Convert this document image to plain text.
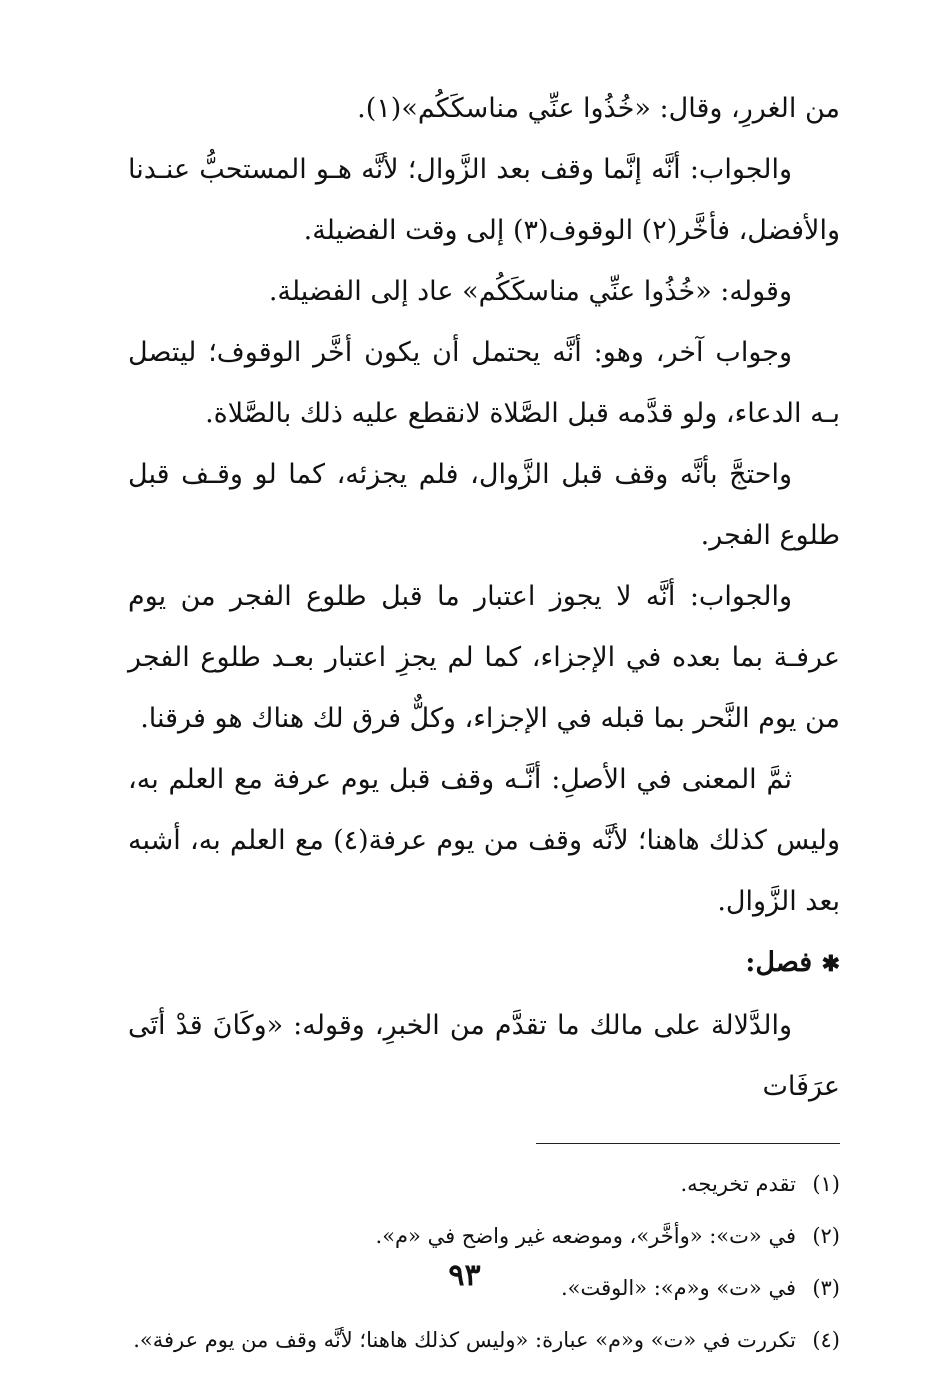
من الغررِ، وقال: «خُذُوا عنِّي مناسكَكُم»(١).

والجواب: أنَّه إنَّما وقف بعد الزَّوال؛ لأنَّه هـو المستحبُّ عنـدنا والأفضل، فأخَّر(٢) الوقوف(٣) إلى وقت الفضيلة.

وقوله: «خُذُوا عنِّي مناسكَكُم» عاد إلى الفضيلة.

وجواب آخر، وهو: أنَّه يحتمل أن يكون أخَّر الوقوف؛ ليتصل بـه الدعاء، ولو قدَّمه قبل الصَّلاة لانقطع عليه ذلك بالصَّلاة.

واحتجَّ بأنَّه وقف قبل الزَّوال، فلم يجزئه، كما لو وقـف قبل طلوع الفجر.

والجواب: أنَّه لا يجوز اعتبار ما قبل طلوع الفجر من يوم عرفـة بما بعده في الإجزاء، كما لم يجزِ اعتبار بعـد طلوع الفجر من يوم النَّحر بما قبله في الإجزاء، وكلٌّ فرق لك هناك هو فرقنا.

ثمَّ المعنى في الأصلِ: أنَّـه وقف قبل يوم عرفة مع العلم به، وليس كذلك هاهنا؛ لأنَّه وقف من يوم عرفة(٤) مع العلم به، أشبه بعد الزَّوال.

✱ فصل:

والدَّلالة على مالك ما تقدَّم من الخبرِ، وقوله: «وكَانَ قدْ أتَى عرَفَات

(١)
تقدم تخريجه.

(٢)
في «ت»: «وأخَّر»، وموضعه غير واضح في «م».

(٣)
في «ت» و«م»: «الوقت».

(٤)
تكررت في «ت» و«م» عبارة: «وليس كذلك هاهنا؛ لأنَّه وقف من يوم عرفة».

٩٣
